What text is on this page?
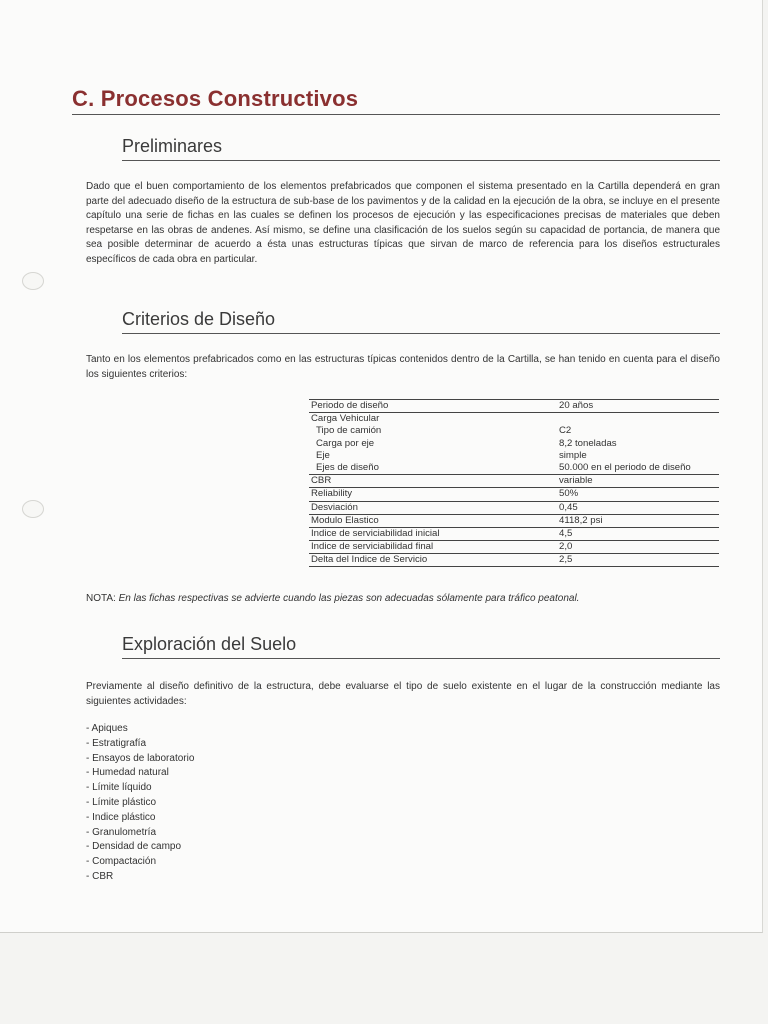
C. Procesos Constructivos
Preliminares

Dado que el buen comportamiento de los elementos prefabricados que componen el sistema presentado en la Cartilla dependerá en gran parte del adecuado diseño de la estructura de sub-base de los pavimentos y de la calidad en la ejecución de la obra, se incluye en el presente capítulo una serie de fichas en las cuales se definen los procesos de ejecución y las especificaciones precisas de materiales que deben respetarse en las obras de andenes. Así mismo, se define una clasificación de los suelos según su capacidad de portancia, de manera que sea posible determinar de acuerdo a ésta unas estructuras típicas que sirvan de marco de referencia para los diseños estructurales específicos de cada obra en particular.

Criterios de Diseño

Tanto en los elementos prefabricados como en las estructuras típicas contenidos dentro de la Cartilla, se han tenido en cuenta para el diseño los siguientes criterios:

Periodo de diseño	20 años
Carga Vehicular	
Tipo de camión	C2
Carga por eje	8,2 toneladas
Eje	simple
Ejes de diseño	50.000 en el periodo de diseño
CBR	variable
Reliability	50%
Desviación	0,45
Modulo Elastico	4118,2 psi
Indice de serviciabilidad inicial	4,5
Indice de serviciabilidad final	2,0
Delta del Indice de Servicio	2,5

NOTA: En las fichas respectivas se advierte cuando las piezas son adecuadas sólamente para tráfico peatonal.

Exploración del Suelo

Previamente al diseño definitivo de la estructura, debe evaluarse el tipo de suelo existente en el lugar de la construcción mediante las siguientes actividades:

- Apiques
- Estratigrafía
- Ensayos de laboratorio
- Humedad natural
- Límite líquido
- Límite plástico
- Indice plástico
- Granulometría
- Densidad de campo
- Compactación
- CBR
